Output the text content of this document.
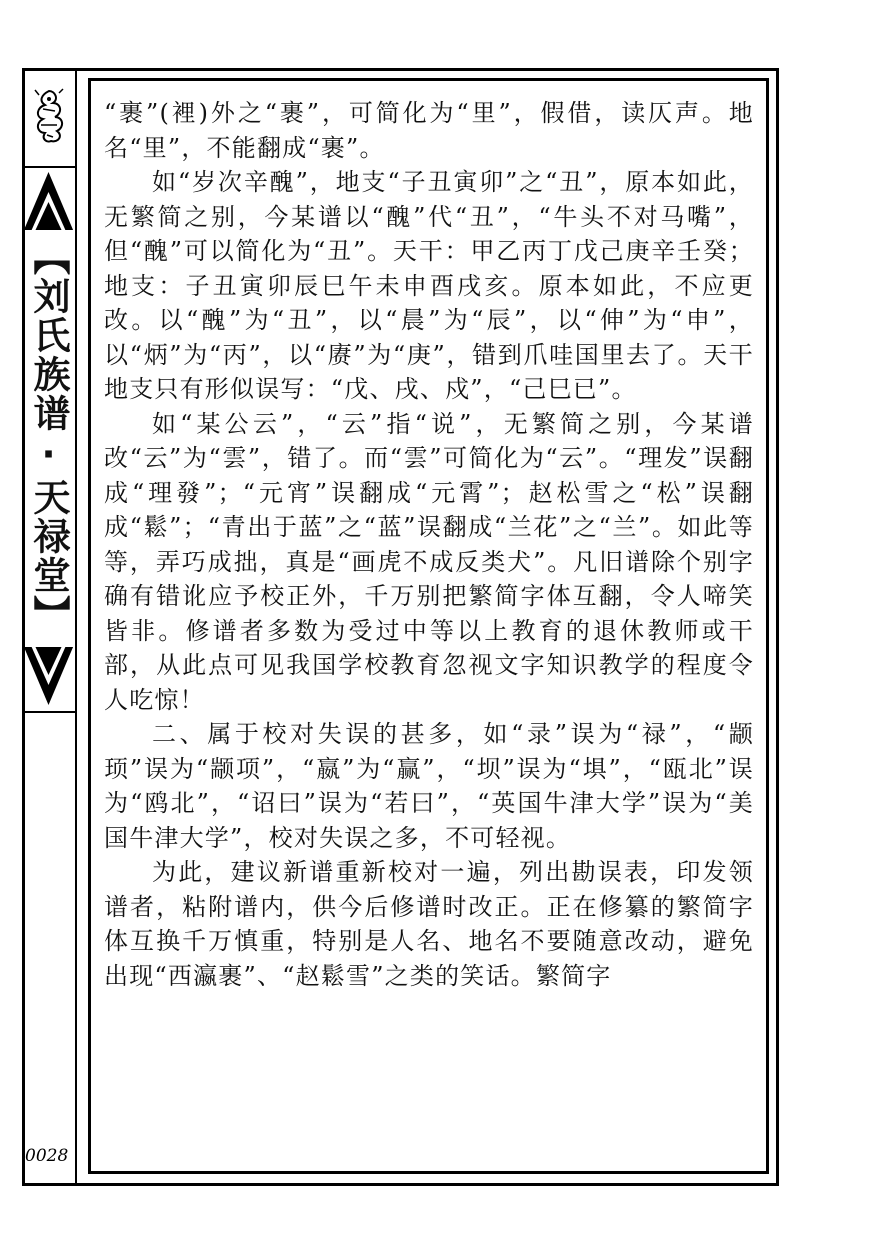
【刘氏族谱·天禄堂】
0028

“裹”(裡)外之“裹”，可简化为“里”，假借，读仄声。地名“里”，不能翻成“裹”。

如“岁次辛醜”，地支“子丑寅卯”之“丑”，原本如此，无繁简之别，今某谱以“醜”代“丑”，“牛头不对马嘴”，但“醜”可以简化为“丑”。天干：甲乙丙丁戊己庚辛壬癸；地支：子丑寅卯辰巳午未申酉戌亥。原本如此，不应更改。以“醜”为“丑”，以“晨”为“辰”，以“伸”为“申”，以“炳”为“丙”，以“赓”为“庚”，错到爪哇国里去了。天干地支只有形似误写：“戊、戌、戍”，“己巳已”。

如“某公云”，“云”指“说”，无繁简之别，今某谱改“云”为“雲”，错了。而“雲”可简化为“云”。“理发”误翻成“理發”；“元宵”误翻成“元霄”；赵松雪之“松”误翻成“鬆”；“青出于蓝”之“蓝”误翻成“兰花”之“兰”。如此等等，弄巧成拙，真是“画虎不成反类犬”。凡旧谱除个别字确有错讹应予校正外，千万别把繁简字体互翻，令人啼笑皆非。修谱者多数为受过中等以上教育的退休教师或干部，从此点可见我国学校教育忽视文字知识教学的程度令人吃惊！

二、属于校对失误的甚多，如“录”误为“禄”，“颛顼”误为“颛项”，“嬴”为“赢”，“坝”误为“埧”，“瓯北”误为“鸥北”，“诏曰”误为“若曰”，“英国牛津大学”误为“美国牛津大学”，校对失误之多，不可轻视。

为此，建议新谱重新校对一遍，列出勘误表，印发领谱者，粘附谱内，供今后修谱时改正。正在修纂的繁简字体互换千万慎重，特别是人名、地名不要随意改动，避免出现“西瀛裹”、“赵鬆雪”之类的笑话。繁简字
